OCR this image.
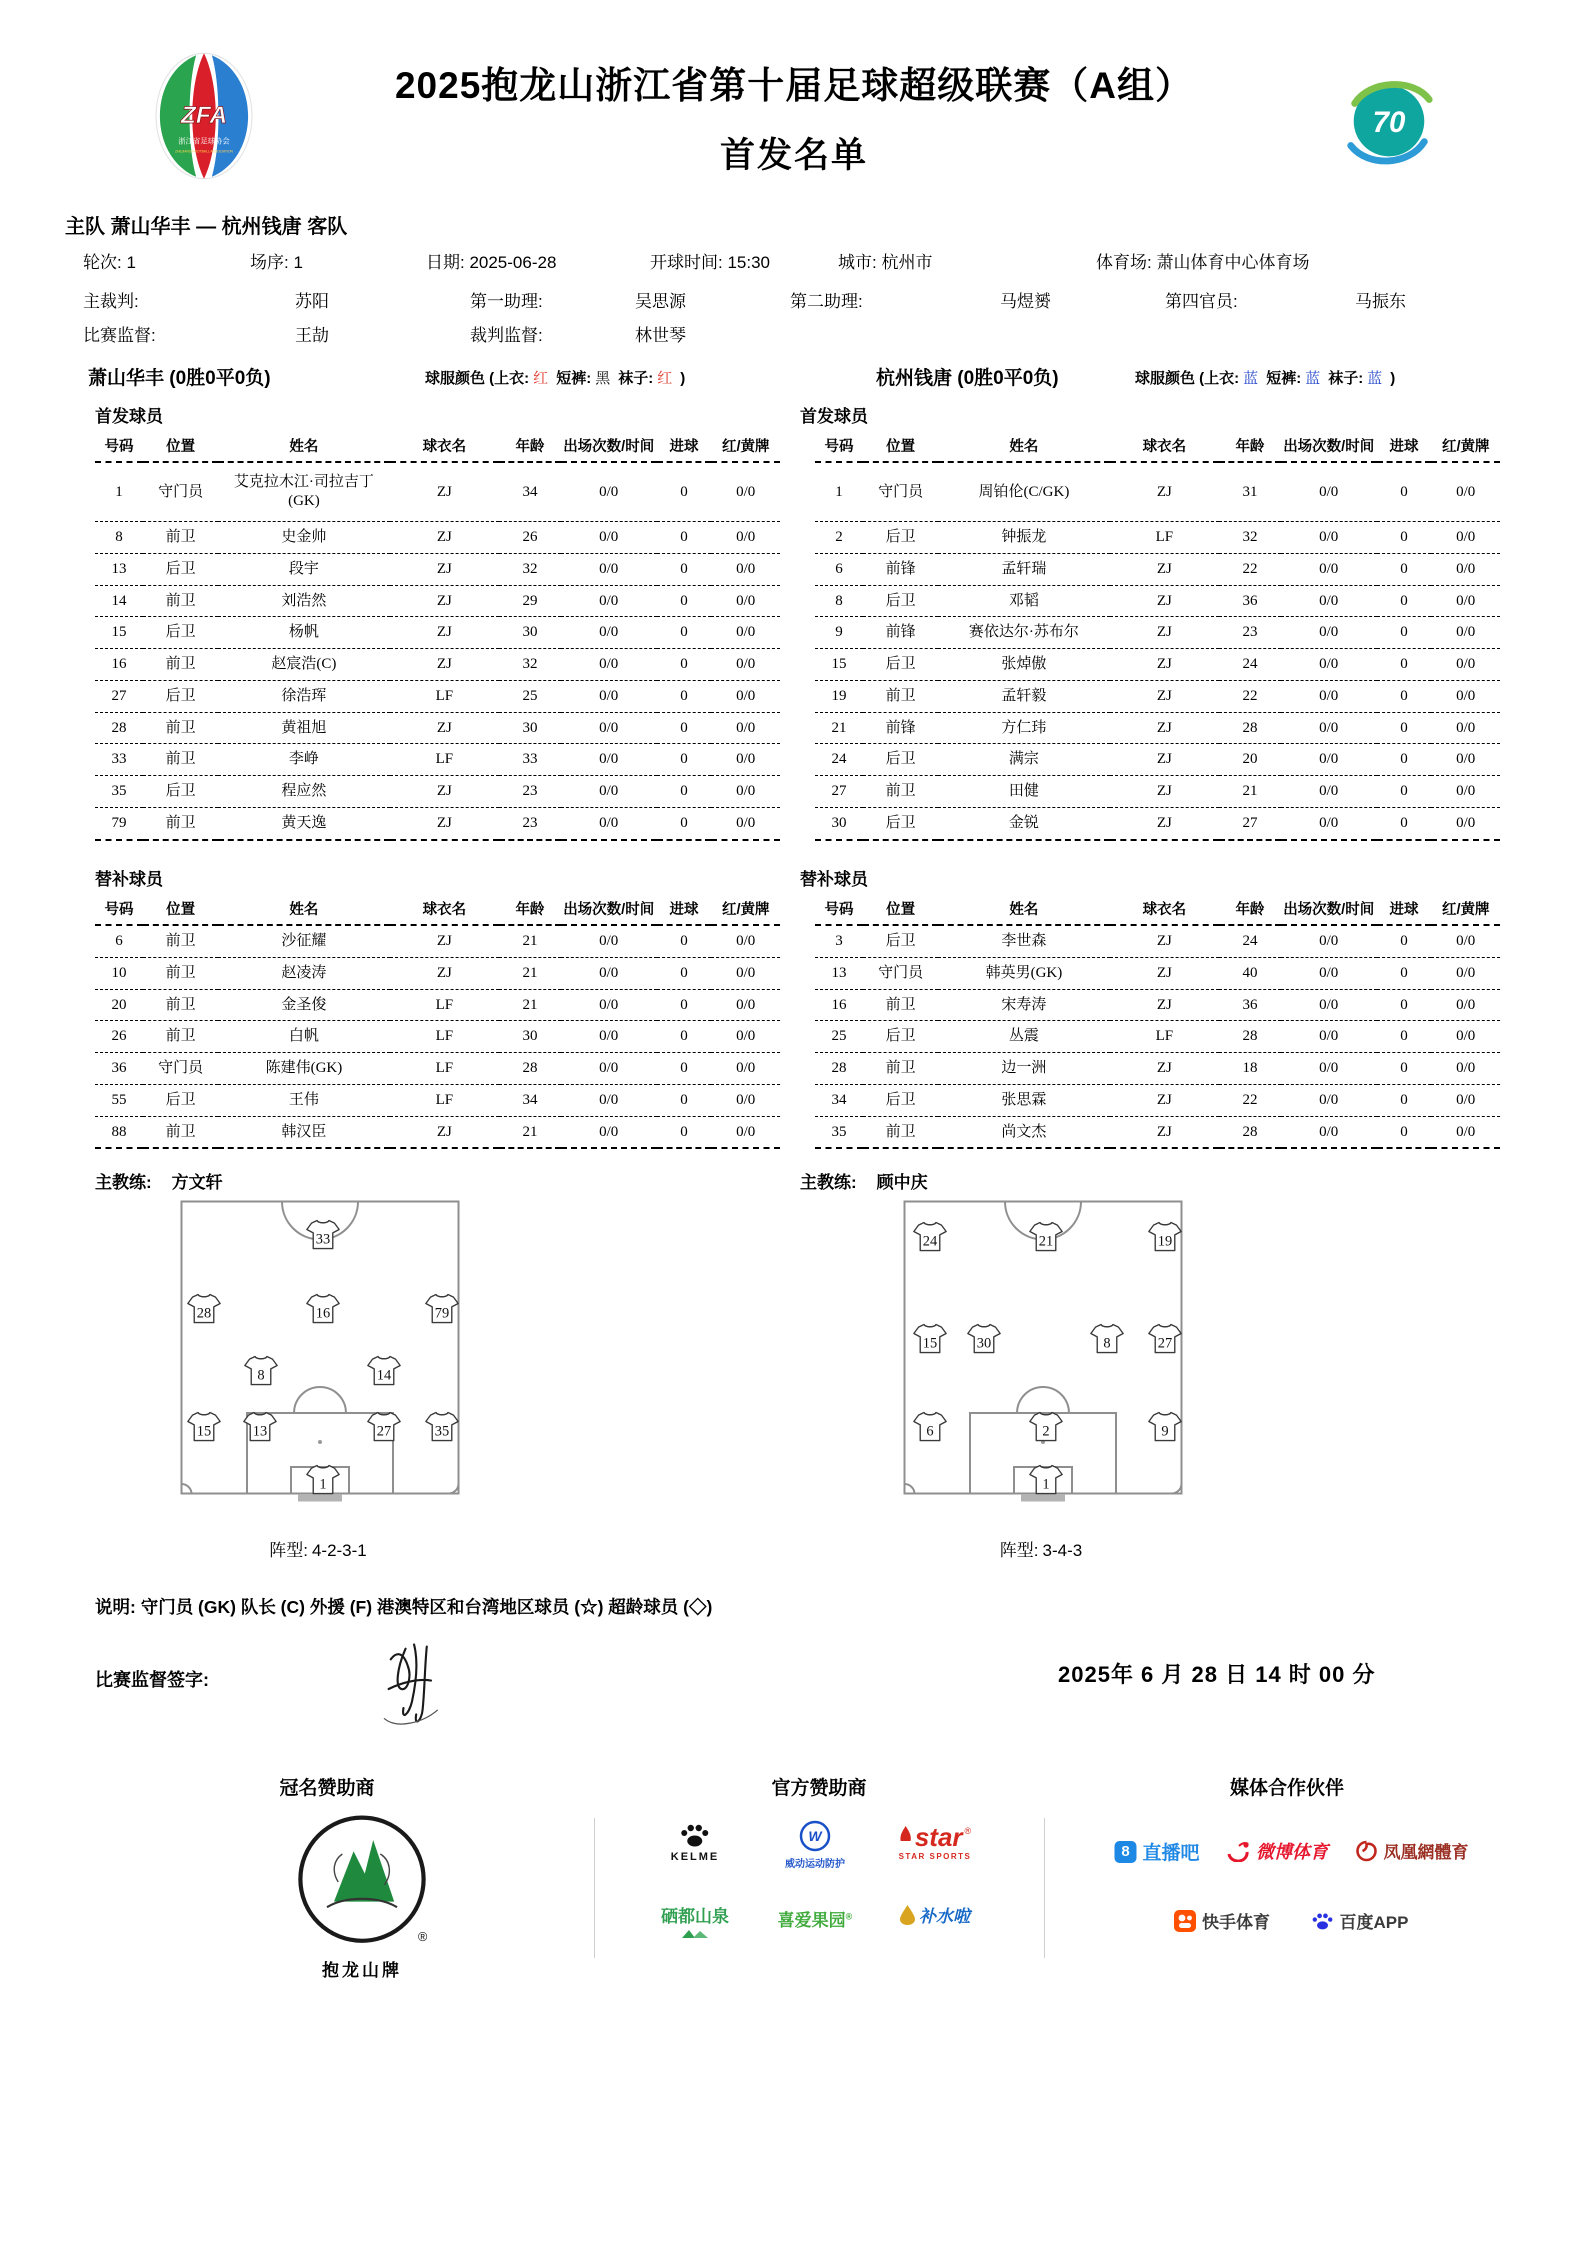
ZFA
浙江省足球协会
ZHEJIANG FOOTBALL ASSOCIATION
2025抱龙山浙江省第十届足球超级联赛（A组）
首发名单
70
主队 萧山华丰 — 杭州钱唐 客队
轮次: 1	场序: 1	日期: 2025-06-28	开球时间: 15:30	城市: 杭州市	体育场: 萧山体育中心体育场
主裁判:	苏阳	第一助理:	吴思源	第二助理:	马煜赟	第四官员:	马振东
比赛监督:	王劼	裁判监督:	林世琴
萧山华丰 (0胜0平0负)	球服颜色 (上衣: 红 短裤: 黑 袜子: 红 )	杭州钱唐 (0胜0平0负)	球服颜色 (上衣: 蓝 短裤: 蓝 袜子: 蓝 )
首发球员	首发球员
号码	位置	姓名	球衣名	年龄	出场次数/时间	进球	红/黄牌
1	守门员	艾克拉木江·司拉吉丁(GK)	ZJ	34	0/0	0	0/0
8	前卫	史金帅	ZJ	26	0/0	0	0/0
13	后卫	段宇	ZJ	32	0/0	0	0/0
14	前卫	刘浩然	ZJ	29	0/0	0	0/0
15	后卫	杨帆	ZJ	30	0/0	0	0/0
16	前卫	赵宸浩(C)	ZJ	32	0/0	0	0/0
27	后卫	徐浩珲	LF	25	0/0	0	0/0
28	前卫	黄祖旭	ZJ	30	0/0	0	0/0
33	前卫	李峥	LF	33	0/0	0	0/0
35	后卫	程应然	ZJ	23	0/0	0	0/0
79	前卫	黄天逸	ZJ	23	0/0	0	0/0
号码	位置	姓名	球衣名	年龄	出场次数/时间	进球	红/黄牌
1	守门员	周铂伦(C/GK)	ZJ	31	0/0	0	0/0
2	后卫	钟振龙	LF	32	0/0	0	0/0
6	前锋	孟轩瑞	ZJ	22	0/0	0	0/0
8	后卫	邓韬	ZJ	36	0/0	0	0/0
9	前锋	赛依达尔·苏布尔	ZJ	23	0/0	0	0/0
15	后卫	张焯傲	ZJ	24	0/0	0	0/0
19	前卫	孟轩毅	ZJ	22	0/0	0	0/0
21	前锋	方仁玮	ZJ	28	0/0	0	0/0
24	后卫	满宗	ZJ	20	0/0	0	0/0
27	前卫	田健	ZJ	21	0/0	0	0/0
30	后卫	金锐	ZJ	27	0/0	0	0/0
替补球员	替补球员
号码	位置	姓名	球衣名	年龄	出场次数/时间	进球	红/黄牌
6	前卫	沙征耀	ZJ	21	0/0	0	0/0
10	前卫	赵凌涛	ZJ	21	0/0	0	0/0
20	前卫	金圣俊	LF	21	0/0	0	0/0
26	前卫	白帆	LF	30	0/0	0	0/0
36	守门员	陈建伟(GK)	LF	28	0/0	0	0/0
55	后卫	王伟	LF	34	0/0	0	0/0
88	前卫	韩汉臣	ZJ	21	0/0	0	0/0
号码	位置	姓名	球衣名	年龄	出场次数/时间	进球	红/黄牌
3	后卫	李世森	ZJ	24	0/0	0	0/0
13	守门员	韩英男(GK)	ZJ	40	0/0	0	0/0
16	前卫	宋寿涛	ZJ	36	0/0	0	0/0
25	后卫	丛震	LF	28	0/0	0	0/0
28	前卫	边一洲	ZJ	18	0/0	0	0/0
34	后卫	张思霖	ZJ	22	0/0	0	0/0
35	前卫	尚文杰	ZJ	28	0/0	0	0/0
主教练: 方文轩	主教练: 顾中庆
33
28	16	79
8	14
15 13	27	35
1
24	21	19
15 30	8	27
6	2	9
1
阵型: 4-2-3-1	阵型: 3-4-3
说明: 守门员 (GK) 队长 (C) 外援 (F) 港澳特区和台湾地区球员 (☆) 超龄球员 (◇)
比赛监督签字:	2025年 6 月 28 日 14 时 00 分
冠名赞助商	官方赞助商	媒体合作伙伴
®
抱龙山牌
KELME
W
威动运动防护
star ®
STAR SPORTS
硒都山泉	喜爱果园®	补水啦
8 直播吧	微博体育	凤凰網體育
快手体育	百度APP
